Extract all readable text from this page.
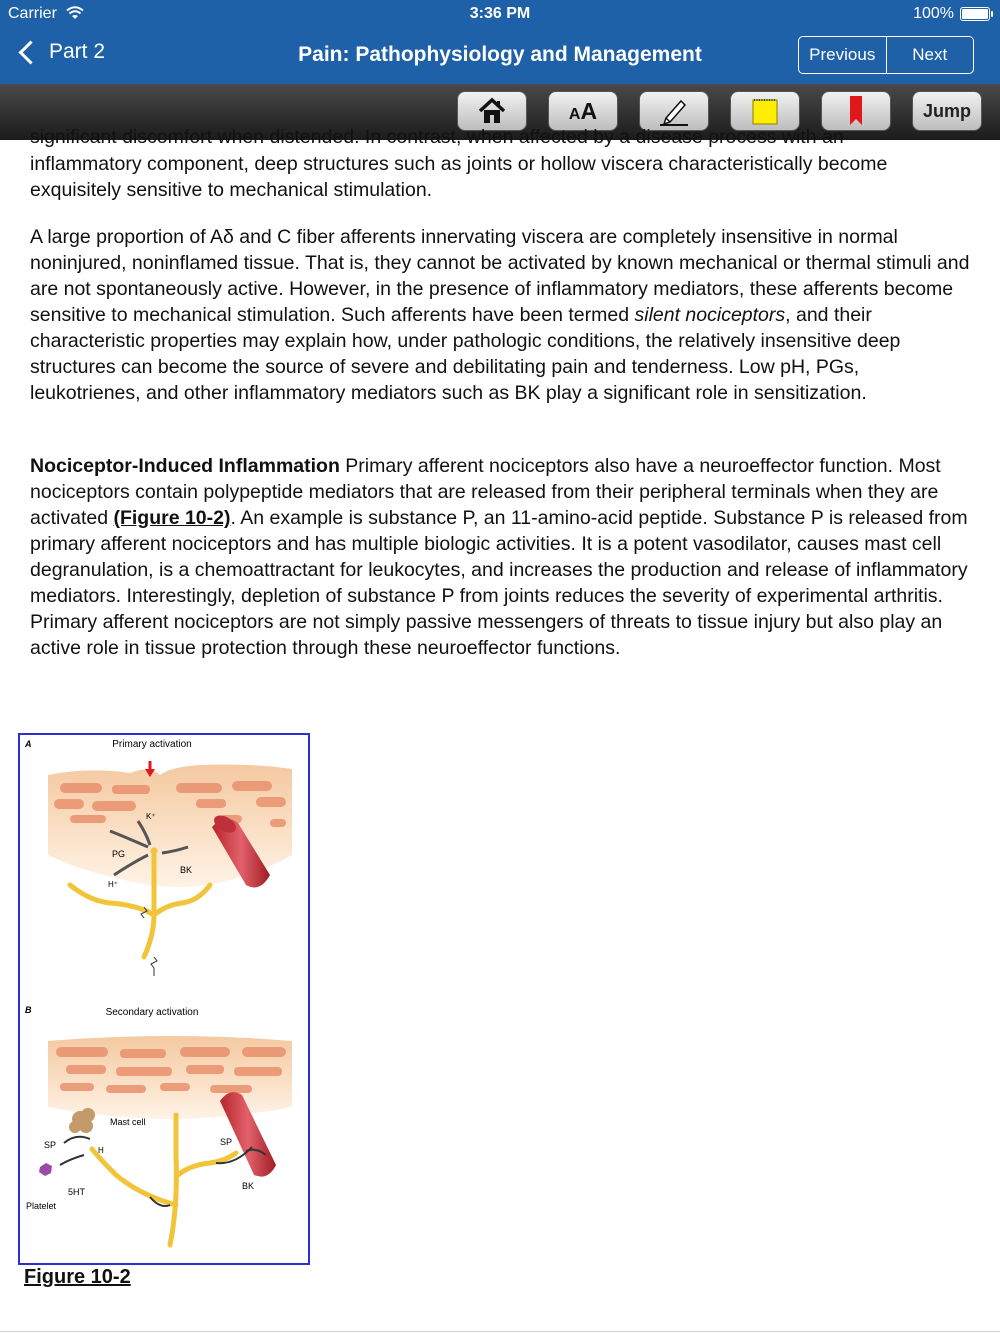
Carrier	3:36 PM	100%
Part 2	Pain: Pathophysiology and Management	Previous	Next
AA	Jump

inflammatory component, deep structures such as joints or hollow viscera characteristically become exquisitely sensitive to mechanical stimulation.

A large proportion of Aδ and C fiber afferents innervating viscera are completely insensitive in normal noninjured, noninflamed tissue. That is, they cannot be activated by known mechanical or thermal stimuli and are not spontaneously active. However, in the presence of inflammatory mediators, these afferents become sensitive to mechanical stimulation. Such afferents have been termed silent nociceptors, and their characteristic properties may explain how, under pathologic conditions, the relatively insensitive deep structures can become the source of severe and debilitating pain and tenderness. Low pH, PGs, leukotrienes, and other inflammatory mediators such as BK play a significant role in sensitization.

Nociceptor-Induced Inflammation Primary afferent nociceptors also have a neuroeffector function. Most nociceptors contain polypeptide mediators that are released from their peripheral terminals when they are activated (Figure 10-2). An example is substance P, an 11-amino-acid peptide. Substance P is released from primary afferent nociceptors and has multiple biologic activities. It is a potent vasodilator, causes mast cell degranulation, is a chemoattractant for leukocytes, and increases the production and release of inflammatory mediators. Interestingly, depletion of substance P from joints reduces the severity of experimental arthritis. Primary afferent nociceptors are not simply passive messengers of threats to tissue injury but also play an active role in tissue protection through these neuroeffector functions.

significant discomfort when distended. In contrast, when affected by a disease process with an
A	Primary activation
K⁺
PG
BK
H⁺
B	Secondary activation
Mast cell
SP
H
SP
5HT
BK
Platelet
Figure 10-2
